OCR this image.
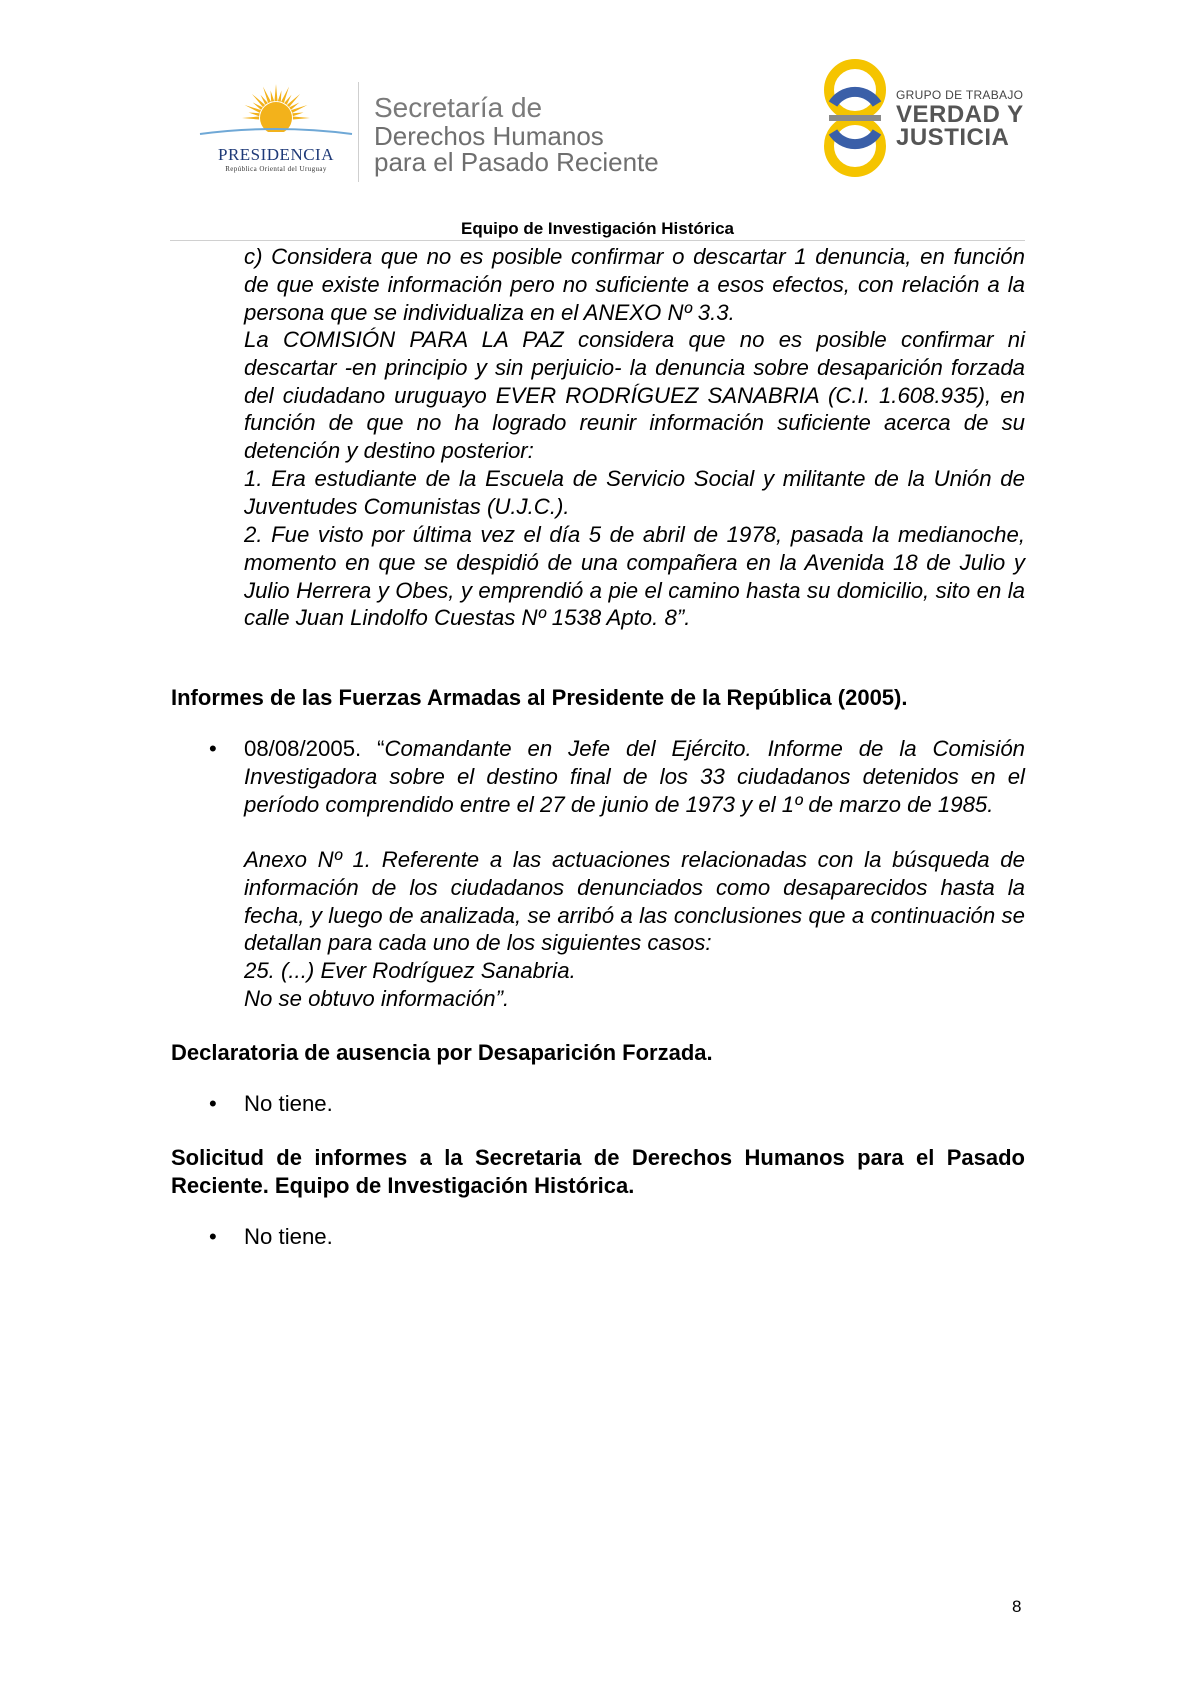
PRESIDENCIA
República Oriental del Uruguay
Secretaría de
Derechos Humanos
para el Pasado Reciente
GRUPO DE TRABAJO
VERDAD Y
JUSTICIA
Equipo de Investigación Histórica

c) Considera que no es posible confirmar o descartar 1 denuncia, en función de que existe información pero no suficiente a esos efectos, con relación a la persona que se individualiza en el ANEXO Nº 3.3.

La COMISIÓN PARA LA PAZ considera que no es posible confirmar ni descartar -en principio y sin perjuicio- la denuncia sobre desaparición forzada del ciudadano uruguayo EVER RODRÍGUEZ SANABRIA (C.I. 1.608.935), en función de que no ha logrado reunir información suficiente acerca de su detención y destino posterior:

1. Era estudiante de la Escuela de Servicio Social y militante de la Unión de Juventudes Comunistas (U.J.C.).

2. Fue visto por última vez el día 5 de abril de 1978, pasada la medianoche, momento en que se despidió de una compañera en la Avenida 18 de Julio y Julio Herrera y Obes, y emprendió a pie el camino hasta su domicilio, sito en la calle Juan Lindolfo Cuestas Nº 1538 Apto. 8”.

Informes de las Fuerzas Armadas al Presidente de la República (2005).

• 08/08/2005. “Comandante en Jefe del Ejército. Informe de la Comisión Investigadora sobre el destino final de los 33 ciudadanos detenidos en el período comprendido entre el 27 de junio de 1973 y el 1º de marzo de 1985.

Anexo Nº 1. Referente a las actuaciones relacionadas con la búsqueda de información de los ciudadanos denunciados como desaparecidos hasta la fecha, y luego de analizada, se arribó a las conclusiones que a continuación se detallan para cada uno de los siguientes casos:

25. (...) Ever Rodríguez Sanabria.

No se obtuvo información”.

Declaratoria de ausencia por Desaparición Forzada.

• No tiene.

Solicitud de informes a la Secretaria de Derechos Humanos para el Pasado Reciente. Equipo de Investigación Histórica.

• No tiene.

8
